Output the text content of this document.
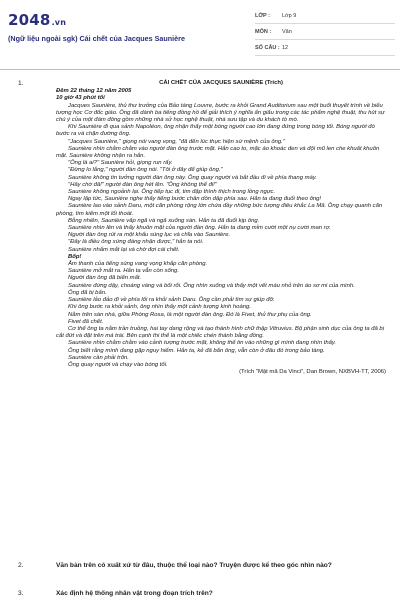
2048.vn
(Ngữ liệu ngoài sgk) Cái chết của Jacques Saunière
LỚP :	Lớp 9
MÔN :	Văn
SỐ CÂU : 12
1.	CÁI CHẾT CỦA JACQUES SAUNIÈRE (Trích)

Đêm 22 tháng 12 năm 2005

10 giờ 43 phút tối

Jacques Saunière, thủ thư trưởng của Bảo tàng Louvre, bước ra khỏi Grand Auditorium sau một buổi thuyết trình về biểu tượng học Cơ đốc giáo. Ông đã dành ba tiếng đồng hồ để giải thích ý nghĩa ẩn giấu trong các tác phẩm nghệ thuật, thu hút sự chú ý của một đám đông gồm những nhà sử học nghệ thuật, nhà sưu tập và du khách tò mò.

Khi Saunière đi qua sảnh Napoléon, ông nhận thấy một bóng người cao lớn đang đứng trong bóng tối. Bóng người đó bước ra và chặn đường ông.

"Jacques Saunière," giọng nói vang vọng, "đã đến lúc thực hiện sứ mệnh của ông."

Saunière nhìn chằm chằm vào người đàn ông trước mặt. Hắn cao to, mặc áo khoác đen và đội mũ len che khuất khuôn mặt. Saunière không nhận ra hắn.

"Ông là ai?" Saunière hỏi, giọng run rẩy.

"Đừng lo lắng," người đàn ông nói. "Tôi ở đây để giúp ông."

Saunière không tin tưởng người đàn ông này. Ông quay người và bắt đầu đi về phía thang máy.

"Hãy chờ đã!" người đàn ông hét lên. "Ông không thể đi!"

Saunière không ngoảnh lại. Ông tiếp tục đi, tim đập thình thịch trong lồng ngực.

Ngay lập tức, Saunière nghe thấy tiếng bước chân dồn dập phía sau. Hắn ta đang đuổi theo ông!

Saunière lao vào sảnh Daru, một căn phòng rộng lớn chứa đầy những bức tượng điêu khắc La Mã. Ông chạy quanh căn phòng, tìm kiếm một lối thoát.

Bỗng nhiên, Saunière vấp ngã và ngã xuống sàn. Hắn ta đã đuổi kịp ông.

Saunière nhìn lên và thấy khuôn mặt của người đàn ông. Hắn ta đang mỉm cười một nụ cười man rợ.

Người đàn ông rút ra một khẩu súng lục và chĩa vào Saunière.

"Đây là điều ông xứng đáng nhận được," hắn ta nói.

Saunière nhắm mắt lại và chờ đợi cái chết.

Bốp!

Âm thanh của tiếng súng vang vọng khắp căn phòng.

Saunière mở mắt ra. Hắn ta vẫn còn sống.

Người đàn ông đã biến mất.

Saunière đứng dậy, choáng váng và bối rối. Ông nhìn xuống và thấy một vết máu nhỏ trên áo sơ mi của mình.

Ông đã bị bắn.

Saunière lảo đảo đi về phía lối ra khỏi sảnh Daru. Ông cần phải tìm sự giúp đỡ.

Khi ông bước ra khỏi sảnh, ông nhìn thấy một cảnh tượng kinh hoàng.

Nằm trên sàn nhà, giữa Phòng Rosa, là một người đàn ông. Đó là Fivet, thủ thư phụ của ông.

Fivet đã chết.

Cơ thể ông ta nằm trần truồng, hai tay dang rộng và tạo thành hình chữ thập Vitruvius. Bộ phận sinh dục của ông ta đã bị cắt đứt và đặt trên má trái. Bên cạnh thi thể là một chiếc chén thánh bằng đồng.

Saunière nhìn chằm chằm vào cảnh tượng trước mặt, không thể tin vào những gì mình đang nhìn thấy.

Ông biết rằng mình đang gặp nguy hiểm. Hắn ta, kẻ đã bắn ông, vẫn còn ở đâu đó trong bảo tàng.

Saunière cần phải trốn.

Ông quay người và chạy vào bóng tối.

(Trích "Mật mã Da Vinci", Dan Brown, NXBVH-TT, 2006)

2.	Văn bản trên có xuất xứ từ đâu, thuộc thể loại nào? Truyện được kể theo góc nhìn nào?
3.	Xác định hệ thống nhân vật trong đoạn trích trên?
